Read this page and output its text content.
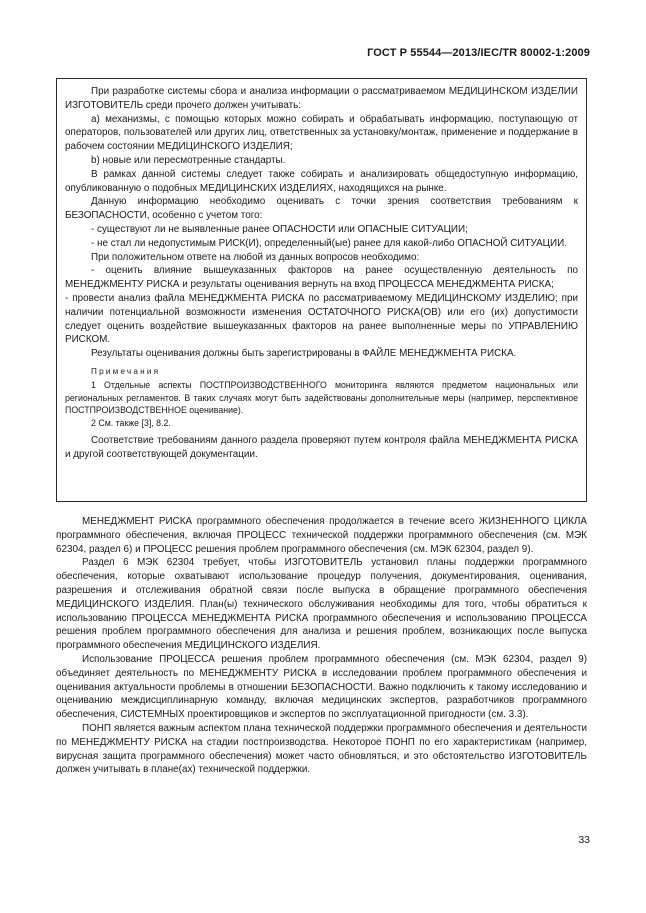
ГОСТ Р 55544—2013/IEC/TR 80002-1:2009

При разработке системы сбора и анализа информации о рассматриваемом МЕДИЦИНСКОМ ИЗДЕЛИИ ИЗГОТОВИТЕЛЬ среди прочего должен учитывать:

a) механизмы, с помощью которых можно собирать и обрабатывать информацию, поступающую от операторов, пользователей или других лиц, ответственных за установку/монтаж, применение и поддержание в рабочем состоянии МЕДИЦИНСКОГО ИЗДЕЛИЯ;

b) новые или пересмотренные стандарты.

В рамках данной системы следует также собирать и анализировать общедоступную информацию, опубликованную о подобных МЕДИЦИНСКИХ ИЗДЕЛИЯХ, находящихся на рынке.

Данную информацию необходимо оценивать с точки зрения соответствия требованиям к БЕЗОПАСНОСТИ, особенно с учетом того:

- существуют ли не выявленные ранее ОПАСНОСТИ или ОПАСНЫЕ СИТУАЦИИ;

- не стал ли недопустимым РИСК(И), определенный(ые) ранее для какой-либо ОПАСНОЙ СИТУАЦИИ.

При положительном ответе на любой из данных вопросов необходимо:

- оценить влияние вышеуказанных факторов на ранее осуществленную деятельность по МЕНЕДЖМЕНТУ РИСКА и результаты оценивания вернуть на вход ПРОЦЕССА МЕНЕДЖМЕНТА РИСКА;

- провести анализ файла МЕНЕДЖМЕНТА РИСКА по рассматриваемому МЕДИЦИНСКОМУ ИЗДЕЛИЮ; при наличии потенциальной возможности изменения ОСТАТОЧНОГО РИСКА(ОВ) или его (их) допустимости следует оценить воздействие вышеуказанных факторов на ранее выполненные меры по УПРАВЛЕНИЮ РИСКОМ.

Результаты оценивания должны быть зарегистрированы в ФАЙЛЕ МЕНЕДЖМЕНТА РИСКА.

Примечания

1 Отдельные аспекты ПОСТПРОИЗВОДСТВЕННОГО мониторинга являются предметом национальных или региональных регламентов. В таких случаях могут быть задействованы дополнительные меры (например, перспективное ПОСТПРОИЗВОДСТВЕННОЕ оценивание).

2 См. также [3], 8.2.

Соответствие требованиям данного раздела проверяют путем контроля файла МЕНЕДЖМЕНТА РИСКА и другой соответствующей документации.

МЕНЕДЖМЕНТ РИСКА программного обеспечения продолжается в течение всего ЖИЗНЕННОГО ЦИКЛА программного обеспечения, включая ПРОЦЕСС технической поддержки программного обеспечения (см. МЭК 62304, раздел 6) и ПРОЦЕСС решения проблем программного обеспечения (см. МЭК 62304, раздел 9).

Раздел 6 МЭК 62304 требует, чтобы ИЗГОТОВИТЕЛЬ установил планы поддержки программного обеспечения, которые охватывают использование процедур получения, документирования, оценивания, разрешения и отслеживания обратной связи после выпуска в обращение программного обеспечения МЕДИЦИНСКОГО ИЗДЕЛИЯ. План(ы) технического обслуживания необходимы для того, чтобы обратиться к использованию ПРОЦЕССА МЕНЕДЖМЕНТА РИСКА программного обеспечения и использованию ПРОЦЕССА решения проблем программного обеспечения для анализа и решения проблем, возникающих после выпуска программного обеспечения МЕДИЦИНСКОГО ИЗДЕЛИЯ.

Использование ПРОЦЕССА решения проблем программного обеспечения (см. МЭК 62304, раздел 9) объединяет деятельность по МЕНЕДЖМЕНТУ РИСКА в исследовании проблем программного обеспечения и оценивания актуальности проблемы в отношении БЕЗОПАСНОСТИ. Важно подключить к такому исследованию и оцениванию междисциплинарную команду, включая медицинских экспертов, разработчиков программного обеспечения, СИСТЕМНЫХ проектировщиков и экспертов по эксплуатационной пригодности (см. 3.3).

ПОНП является важным аспектом плана технической поддержки программного обеспечения и деятельности по МЕНЕДЖМЕНТУ РИСКА на стадии постпроизводства. Некоторое ПОНП по его характеристикам (например, вирусная защита программного обеспечения) может часто обновляться, и это обстоятельство ИЗГОТОВИТЕЛЬ должен учитывать в плане(ах) технической поддержки.

33
